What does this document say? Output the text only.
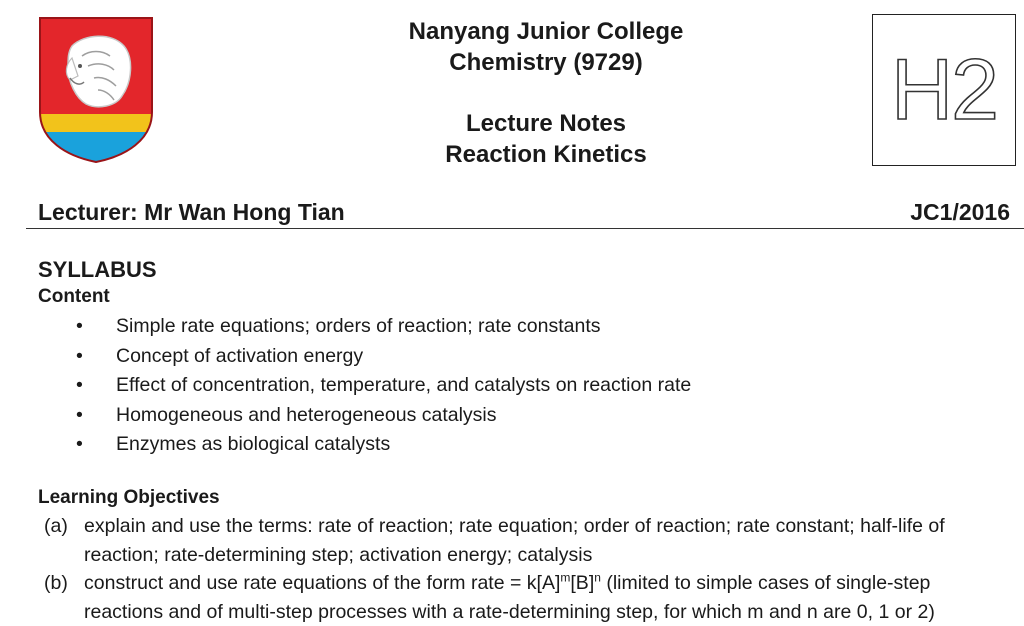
Nanyang Junior College
Chemistry (9729)
Lecture Notes
Reaction Kinetics
H2
Lecturer: Mr Wan Hong Tian	JC1/2016
SYLLABUS
Content
• Simple rate equations; orders of reaction; rate constants
• Concept of activation energy
• Effect of concentration, temperature, and catalysts on reaction rate
• Homogeneous and heterogeneous catalysis
• Enzymes as biological catalysts
Learning Objectives
(a) explain and use the terms: rate of reaction; rate equation; order of reaction; rate constant; half-life of
reaction; rate-determining step; activation energy; catalysis
(b) construct and use rate equations of the form rate = $k[A]^m[B]^n$ (limited to simple cases of single-step
reactions and of multi-step processes with a rate-determining step, for which m and n are 0, 1 or 2)
